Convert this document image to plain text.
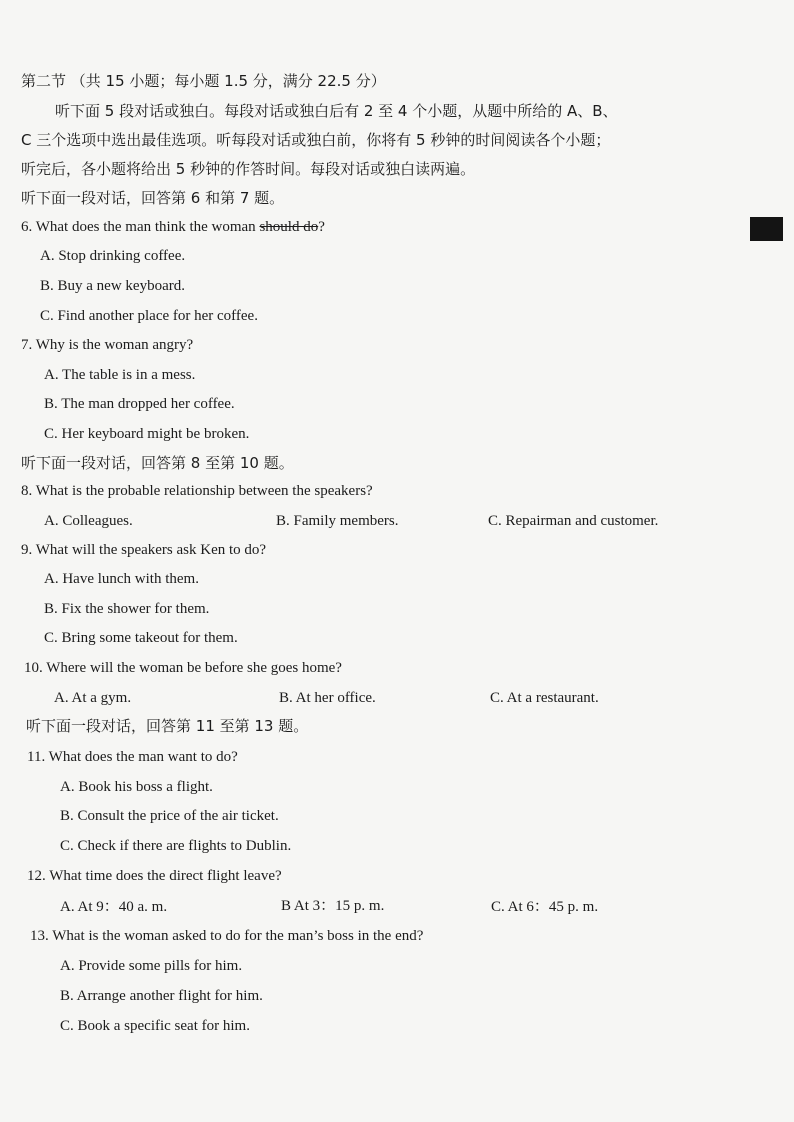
第二节 （共 15 小题；每小题 1.5 分，满分 22.5 分）
听下面 5 段对话或独白。每段对话或独白后有 2 至 4 个小题，从题中所给的 A、B、
C 三个选项中选出最佳选项。听每段对话或独白前，你将有 5 秒钟的时间阅读各个小题；
听完后，各小题将给出 5 秒钟的作答时间。每段对话或独白读两遍。
听下面一段对话，回答第 6 和第 7 题。
6. What does the man think the woman should do?
A. Stop drinking coffee.
B. Buy a new keyboard.
C. Find another place for her coffee.
7. Why is the woman angry?
A. The table is in a mess.
B. The man dropped her coffee.
C. Her keyboard might be broken.
听下面一段对话，回答第 8 至第 10 题。
8. What is the probable relationship between the speakers?
A. Colleagues.	B. Family members.	C. Repairman and customer.
9. What will the speakers ask Ken to do?
A. Have lunch with them.
B. Fix the shower for them.
C. Bring some takeout for them.
10. Where will the woman be before she goes home?
A. At a gym.	B. At her office.	C. At a restaurant.
听下面一段对话，回答第 11 至第 13 题。
11. What does the man want to do?
A. Book his boss a flight.
B. Consult the price of the air ticket.
C. Check if there are flights to Dublin.
12. What time does the direct flight leave?
A. At 9：40 a. m.	B At 3：15 p. m.	C. At 6：45 p. m.
13. What is the woman asked to do for the man’s boss in the end?
A. Provide some pills for him.
B. Arrange another flight for him.
C. Book a specific seat for him.
